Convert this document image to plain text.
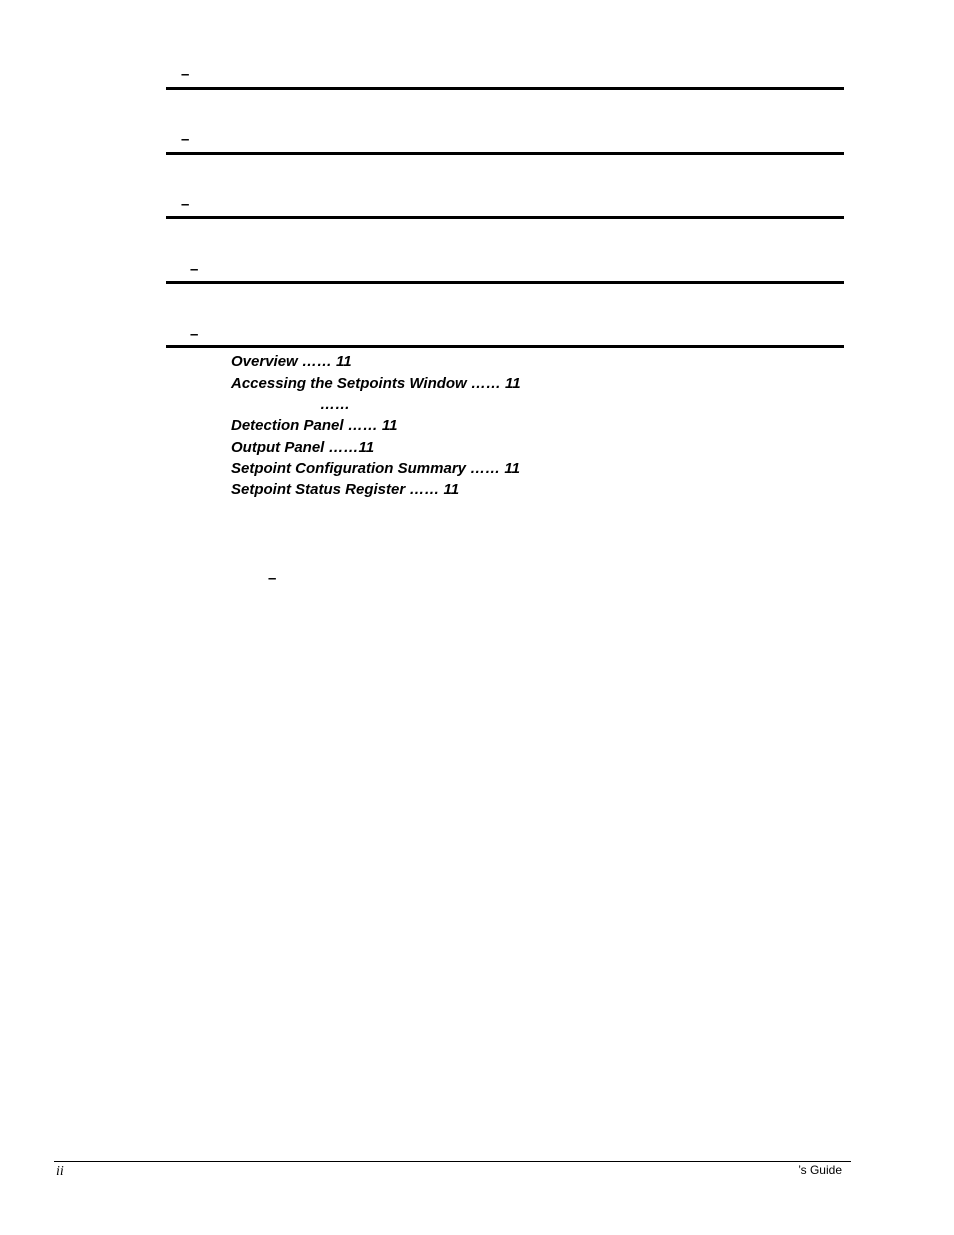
–
–
–
–
–
Overview …… 11
Accessing the Setpoints Window …… 11
……
Detection Panel …… 11
Output Panel ……11
Setpoint Configuration Summary …… 11
Setpoint Status Register …… 11
–
ii	’s Guide
